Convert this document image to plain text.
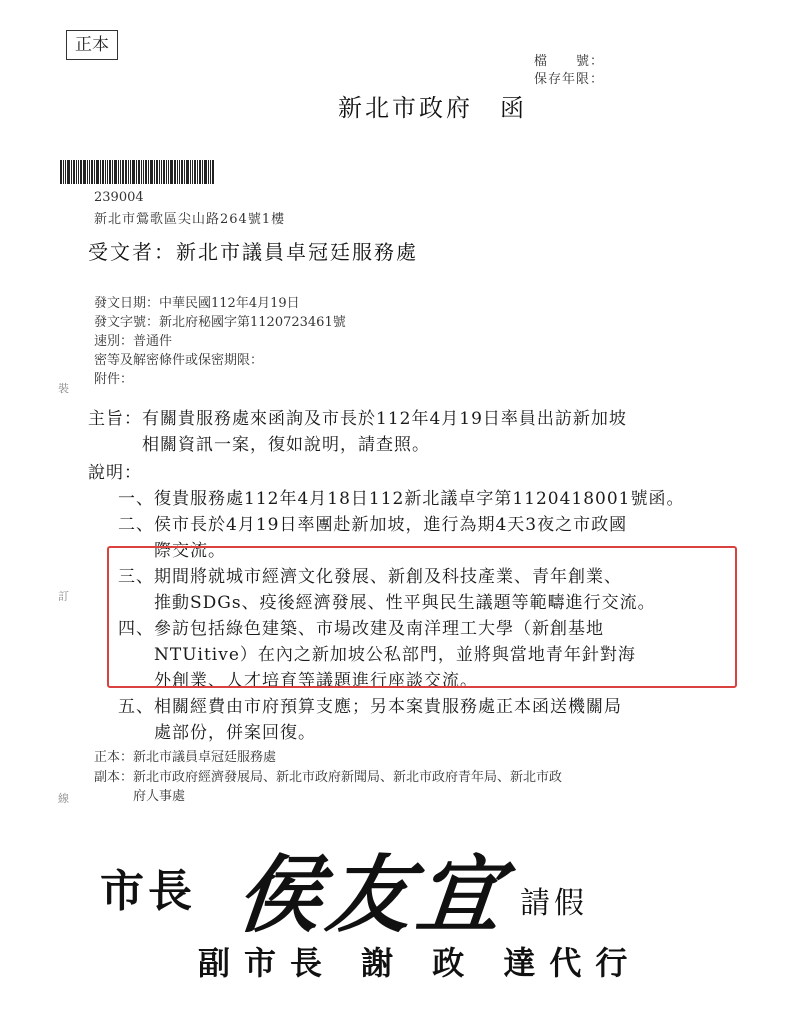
正本
檔　　號：
保存年限：
新北市政府　函
239004
新北市鶯歌區尖山路264號1樓
受文者：新北市議員卓冠廷服務處
發文日期：中華民國112年4月19日
發文字號：新北府秘國字第1120723461號
速別：普通件
密等及解密條件或保密期限：
附件：
主旨：有關貴服務處來函詢及市長於112年4月19日率員出訪新加坡
　　　相關資訊一案，復如說明，請查照。
說明：
一、復貴服務處112年4月18日112新北議卓字第1120418001號函。
二、侯市長於4月19日率團赴新加坡，進行為期4天3夜之市政國
　　際交流。
三、期間將就城市經濟文化發展、新創及科技產業、青年創業、
　　推動SDGs、疫後經濟發展、性平與民生議題等範疇進行交流。
四、參訪包括綠色建築、市場改建及南洋理工大學（新創基地
　　NTUitive）在內之新加坡公私部門，並將與當地青年針對海
　　外創業、人才培育等議題進行座談交流。
五、相關經費由市府預算支應；另本案貴服務處正本函送機關局
　　處部份，併案回復。
正本：新北市議員卓冠廷服務處
副本：新北市政府經濟發展局、新北市政府新聞局、新北市政府青年局、新北市政
　　　府人事處
市長 侯友宜 請假
副市長 謝 政 達代行
裝
訂
線
